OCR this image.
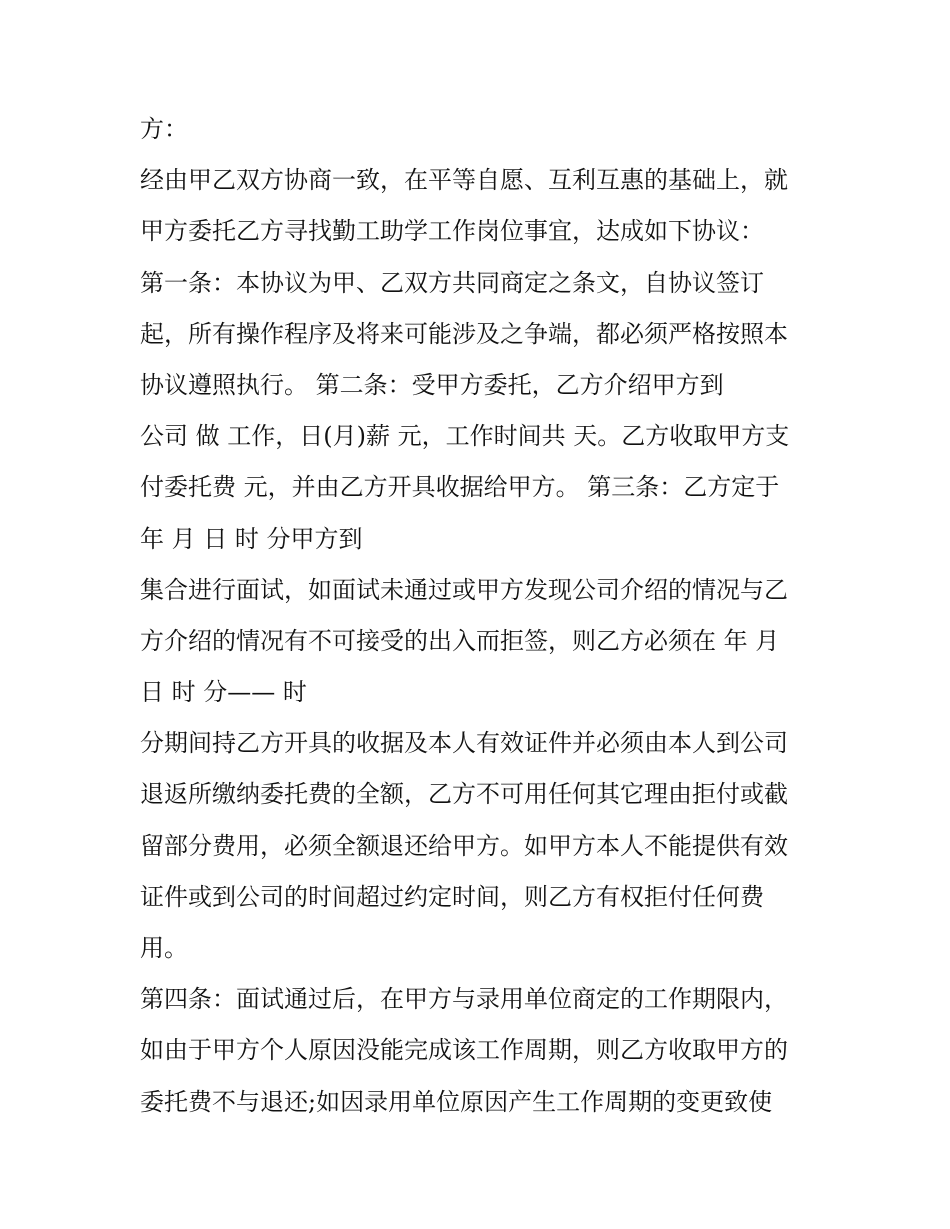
方：
经由甲乙双方协商一致，在平等自愿、互利互惠的基础上，就
甲方委托乙方寻找勤工助学工作岗位事宜，达成如下协议：
第一条：本协议为甲、乙双方共同商定之条文，自协议签订
起，所有操作程序及将来可能涉及之争端，都必须严格按照本
协议遵照执行。 第二条：受甲方委托，乙方介绍甲方到
公司 做 工作，日(月)薪 元，工作时间共 天。乙方收取甲方支
付委托费 元，并由乙方开具收据给甲方。 第三条：乙方定于
年 月 日 时 分甲方到
集合进行面试，如面试未通过或甲方发现公司介绍的情况与乙
方介绍的情况有不可接受的出入而拒签，则乙方必须在 年 月
日 时 分—— 时
分期间持乙方开具的收据及本人有效证件并必须由本人到公司
退返所缴纳委托费的全额，乙方不可用任何其它理由拒付或截
留部分费用，必须全额退还给甲方。如甲方本人不能提供有效
证件或到公司的时间超过约定时间，则乙方有权拒付任何费
用。
第四条：面试通过后，在甲方与录用单位商定的工作期限内，
如由于甲方个人原因没能完成该工作周期，则乙方收取甲方的
委托费不与退还;如因录用单位原因产生工作周期的变更致使
